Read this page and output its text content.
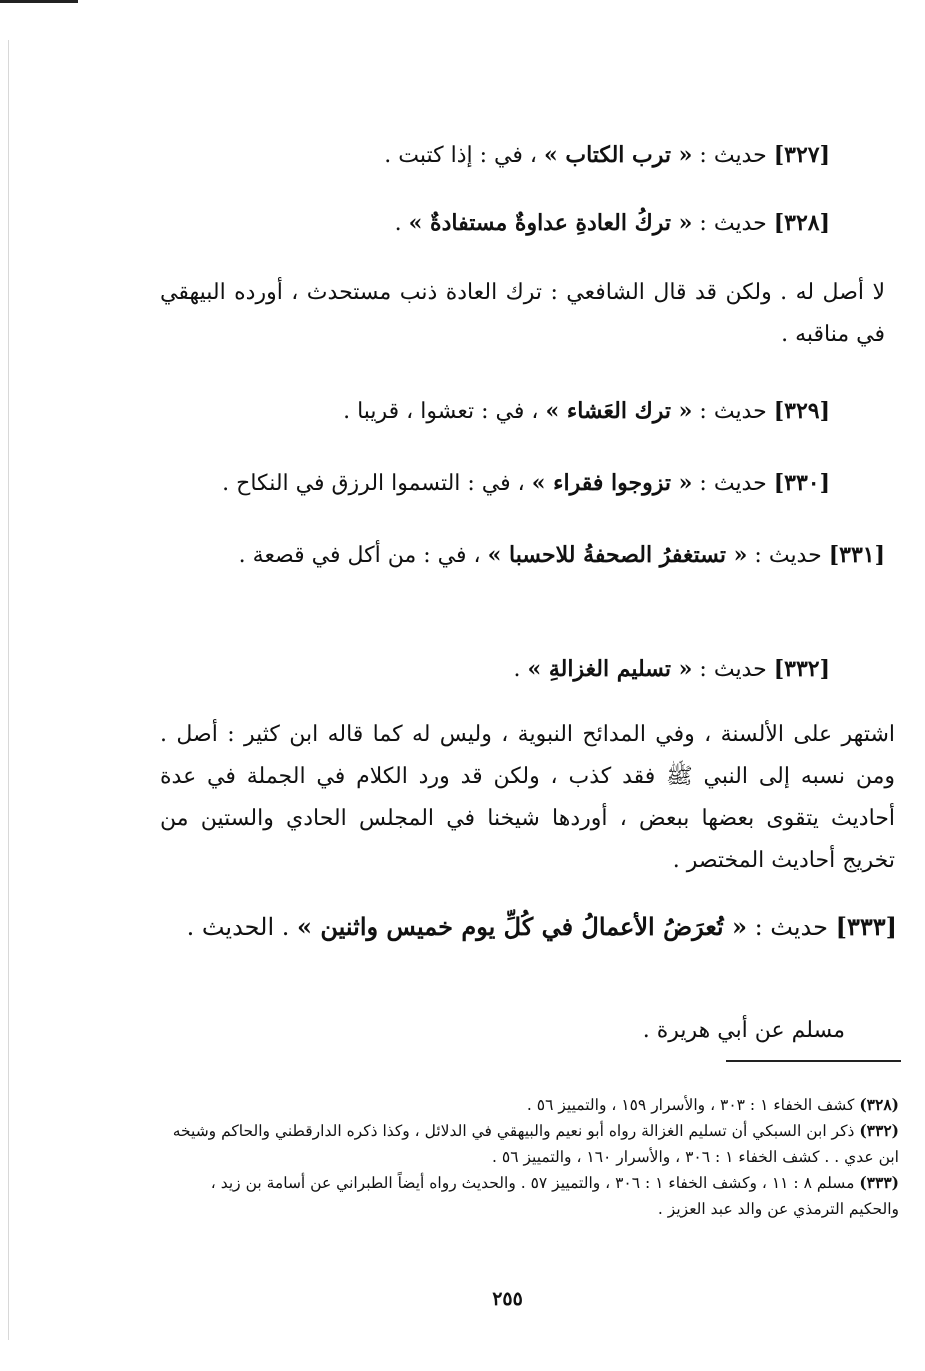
[٣٢٧] حديث : « ترب الكتاب » ، في : إذا كتبت .
[٣٢٨] حديث : « تركُ العادةِ عداوةٌ مستفادةٌ » .
لا أصل له . ولكن قد قال الشافعي : ترك العادة ذنب مستحدث ، أورده البيهقي في مناقبه .
[٣٢٩] حديث : « ترك العَشاء » ، في : تعشوا ، قريبا .
[٣٣٠] حديث : « تزوجوا فقراء » ، في : التسموا الرزق في النكاح .
[٣٣١] حديث : « تستغفرُ الصحفةُ للاحسبا » ، في : من أكل في قصعة .
[٣٣٢] حديث : « تسليم الغزالةِ » .
اشتهر على الألسنة ، وفي المدائح النبوية ، وليس له كما قاله ابن كثير : أصل . ومن نسبه إلى النبي ﷺ فقد كذب ، ولكن قد ورد الكلام في الجملة في عدة أحاديث يتقوى بعضها ببعض ، أوردها شيخنا في المجلس الحادي والستين من تخريج أحاديث المختصر .
[٣٣٣] حديث : « تُعرَضُ الأعمالُ في كُلِّ يوم خميس واثنين » . الحديث .
مسلم عن أبي هريرة .

(٣٢٨) كشف الخفاء ١ : ٣٠٣ ، والأسرار ١٥٩ ، والتمييز ٥٦ .

(٣٣٢) ذكر ابن السبكي أن تسليم الغزالة رواه أبو نعيم والبيهقي في الدلائل ، وكذا ذكره الدارقطني والحاكم وشيخه ابن عدي . . كشف الخفاء ١ : ٣٠٦ ، والأسرار ١٦٠ ، والتمييز ٥٦ .

(٣٣٣) مسلم ٨ : ١١ ، وكشف الخفاء ١ : ٣٠٦ ، والتمييز ٥٧ . والحديث رواه أيضاً الطبراني عن أسامة بن زيد ، والحكيم الترمذي عن والد عبد العزيز .

٢٥٥
